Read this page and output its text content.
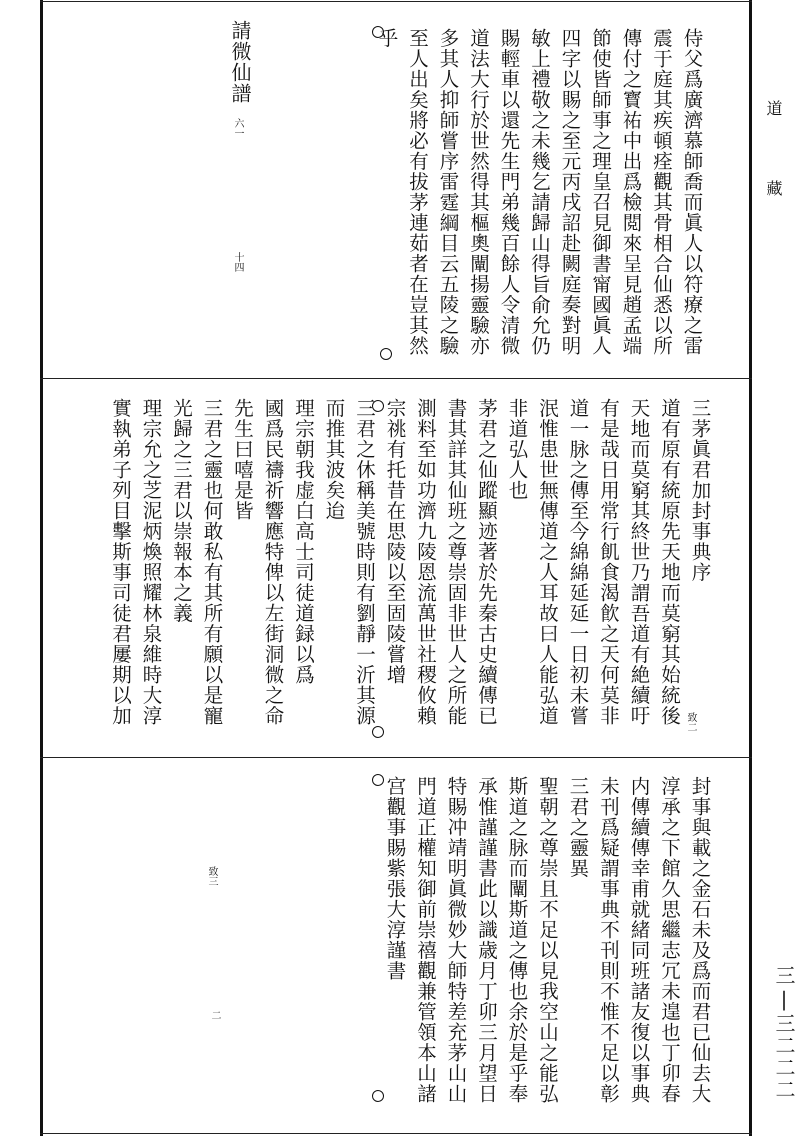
道
藏
三|三二二二
侍父爲廣濟慕師喬而眞人以符療之雷
震于庭其疾頓痊觀其骨相合仙悉以所
傳付之寳祐中出爲檢閲來呈見趙孟端
節使皆師事之理皇召見御書甯國眞人
四字以賜之至元丙戌詔赴闕庭奏對明
敏上禮敬之未幾乞請歸山得旨俞允仍
賜輕車以還先生門弟幾百餘人令清微
道法大行於世然得其樞奧闡揚靈驗亦
多其人抑師嘗序雷霆綱目云五陵之驗
至人出矣將必有拔茅連茹者在豈其然
乎
請微仙譜
六一
十四
三茅眞君加封事典序
道有原有統原先天地而莫窮其始統後
天地而莫窮其終世乃謂吾道有絶續吁
有是哉日用常行飢食渴飮之天何莫非
道一脉之傳至今綿綿延延一日初未嘗
泯惟患世無傳道之人耳故曰人能弘道
非道弘人也
茅君之仙蹤顯迹著於先秦古史續傳已
書其詳其仙班之尊崇固非世人之所能
測料至如功濟九陵恩流萬世社稷攸賴
宗祧有托昔在思陵以至固陵嘗增
三君之休稱美號時則有劉靜一沂其源
而推其波矣迨
理宗朝我虚白高士司徒道録以爲
國爲民禱祈響應特俾以左街洞微之命
先生曰嘻是皆
三君之靈也何敢私有其所有願以是寵
光歸之三君以崇報本之義
理宗允之芝泥炳煥照耀林泉維時大淳
實執弟子列目擊斯事司徒君屢期以加	致二
封事與載之金石未及爲而君已仙去大
淳承之下館久思繼志冗未遑也丁卯春
内傳續傳幸甫就緒同班諸友復以事典
未刊爲疑謂事典不刊則不惟不足以彰
三君之靈異
聖朝之尊崇且不足以見我空山之能弘
斯道之脉而闡斯道之傳也余於是乎奉
承惟謹謹書此以識歳月丁卯三月望日
特賜冲靖明眞微妙大師特差充茅山山
門道正權知御前崇禧觀兼管領本山諸
宫觀事賜紫張大淳謹書
致三
二
